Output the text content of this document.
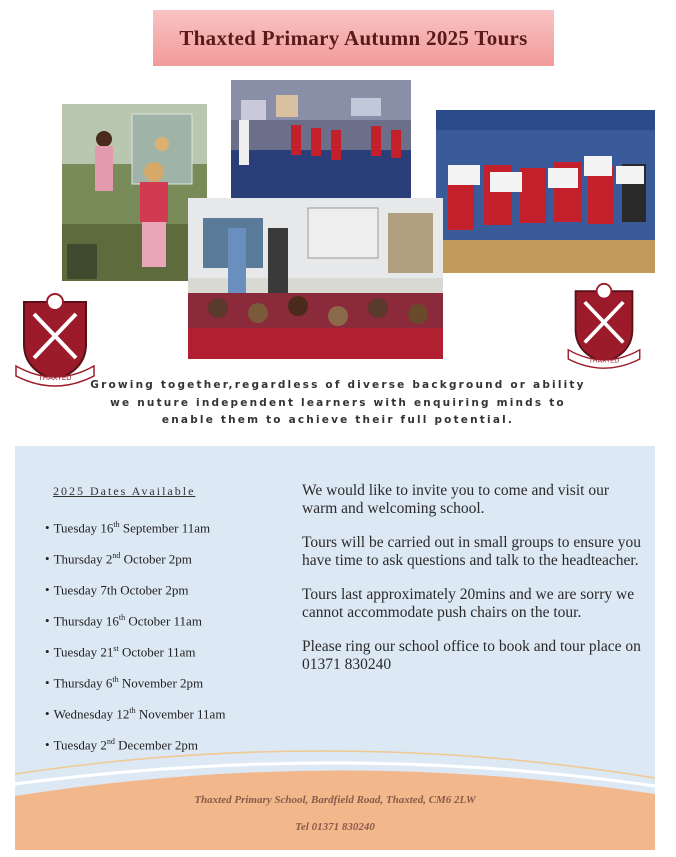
Thaxted Primary Autumn 2025 Tours
THAXTED
THAXTED
Growing together,regardless of diverse background or ability
we nuture independent learners with enquiring minds to
enable them to achieve their full potential.
2025 Dates Available
• Tuesday 16th September 11am
• Thursday 2nd October 2pm
• Tuesday 7th October 2pm
• Thursday 16th October 11am
• Tuesday 21st October 11am
• Thursday 6th November 2pm
• Wednesday 12th November 11am
• Tuesday 2nd December 2pm

We would like to invite you to come and visit our warm and welcoming school.

Tours will be carried out in small groups to ensure you have time to ask questions and talk to the headteacher.

Tours last approximately 20mins and we are sorry we cannot accommodate push chairs on the tour.

Please ring our school office to book and tour place on 01371 830240

Thaxted Primary School, Bardfield Road, Thaxted, CM6 2LW
Tel 01371 830240
